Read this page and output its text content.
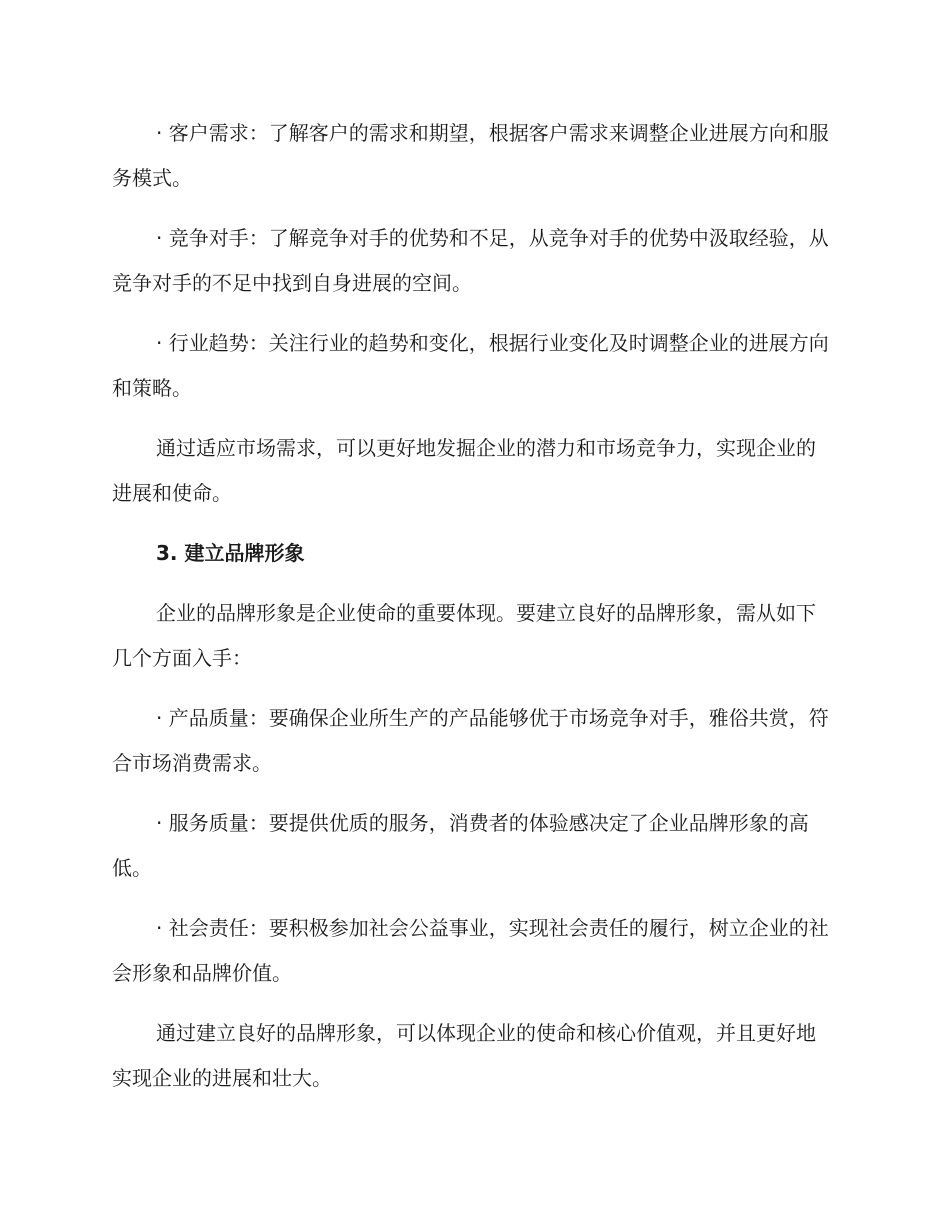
· 客户需求：了解客户的需求和期望，根据客户需求来调整企业进展方向和服务模式。

· 竞争对手：了解竞争对手的优势和不足，从竞争对手的优势中汲取经验，从竞争对手的不足中找到自身进展的空间。

· 行业趋势：关注行业的趋势和变化，根据行业变化及时调整企业的进展方向和策略。

通过适应市场需求，可以更好地发掘企业的潜力和市场竞争力，实现企业的进展和使命。

3. 建立品牌形象

企业的品牌形象是企业使命的重要体现。要建立良好的品牌形象，需从如下几个方面入手：

· 产品质量：要确保企业所生产的产品能够优于市场竞争对手，雅俗共赏，符合市场消费需求。

· 服务质量：要提供优质的服务，消费者的体验感决定了企业品牌形象的高低。

· 社会责任：要积极参加社会公益事业，实现社会责任的履行，树立企业的社会形象和品牌价值。

通过建立良好的品牌形象，可以体现企业的使命和核心价值观，并且更好地实现企业的进展和壮大。
